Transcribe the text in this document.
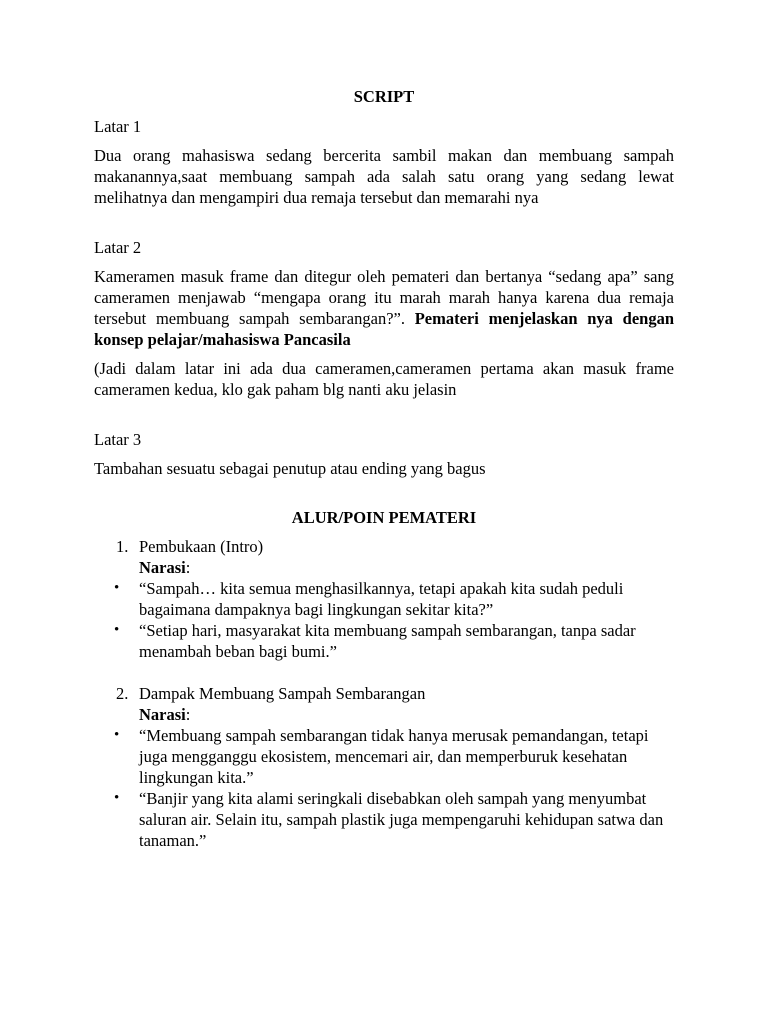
SCRIPT
Latar 1
Dua orang mahasiswa sedang bercerita sambil makan dan membuang sampah makanannya,saat membuang sampah ada salah satu orang yang sedang lewat melihatnya dan mengampiri dua remaja tersebut dan memarahi nya
Latar 2
Kameramen masuk frame dan ditegur oleh pemateri dan bertanya “sedang apa” sang cameramen menjawab “mengapa orang itu marah marah hanya karena dua remaja tersebut membuang sampah sembarangan?”. Pemateri menjelaskan nya dengan konsep pelajar/mahasiswa Pancasila
(Jadi dalam latar ini ada dua cameramen,cameramen pertama akan masuk frame cameramen kedua, klo gak paham blg nanti aku jelasin
Latar 3
Tambahan sesuatu sebagai penutup atau ending yang bagus
ALUR/POIN PEMATERI
1. Pembukaan (Intro)
Narasi:
• “Sampah… kita semua menghasilkannya, tetapi apakah kita sudah peduli bagaimana dampaknya bagi lingkungan sekitar kita?”
• “Setiap hari, masyarakat kita membuang sampah sembarangan, tanpa sadar menambah beban bagi bumi.”
2. Dampak Membuang Sampah Sembarangan
Narasi:
• “Membuang sampah sembarangan tidak hanya merusak pemandangan, tetapi juga mengganggu ekosistem, mencemari air, dan memperburuk kesehatan lingkungan kita.”
• “Banjir yang kita alami seringkali disebabkan oleh sampah yang menyumbat saluran air. Selain itu, sampah plastik juga mempengaruhi kehidupan satwa dan tanaman.”
